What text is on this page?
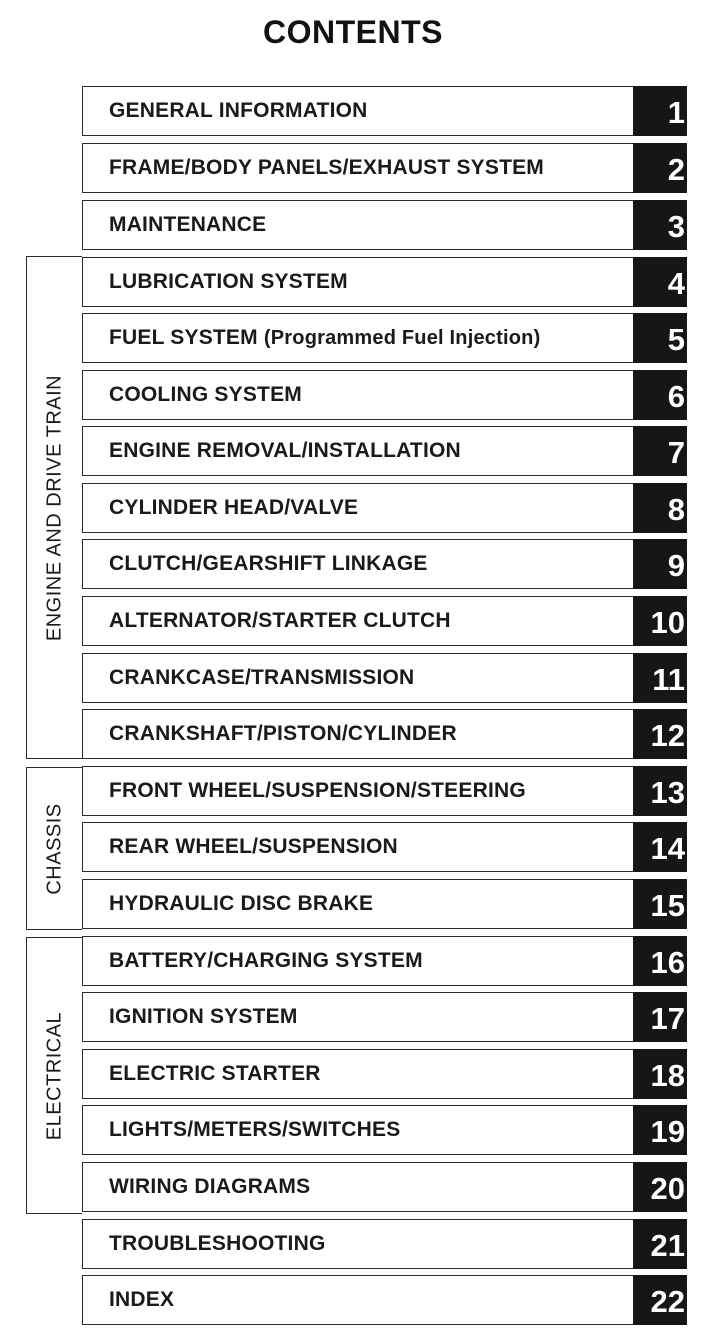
CONTENTS
ENGINE AND DRIVE TRAIN
CHASSIS
ELECTRICAL
GENERAL INFORMATION	1
FRAME/BODY PANELS/EXHAUST SYSTEM	2
MAINTENANCE	3
LUBRICATION SYSTEM	4
FUEL SYSTEM (Programmed Fuel Injection)	5
COOLING SYSTEM	6
ENGINE REMOVAL/INSTALLATION	7
CYLINDER HEAD/VALVE	8
CLUTCH/GEARSHIFT LINKAGE	9
ALTERNATOR/STARTER CLUTCH	10
CRANKCASE/TRANSMISSION	11
CRANKSHAFT/PISTON/CYLINDER	12
FRONT WHEEL/SUSPENSION/STEERING	13
REAR WHEEL/SUSPENSION	14
HYDRAULIC DISC BRAKE	15
BATTERY/CHARGING SYSTEM	16
IGNITION SYSTEM	17
ELECTRIC STARTER	18
LIGHTS/METERS/SWITCHES	19
WIRING DIAGRAMS	20
TROUBLESHOOTING	21
INDEX	22
